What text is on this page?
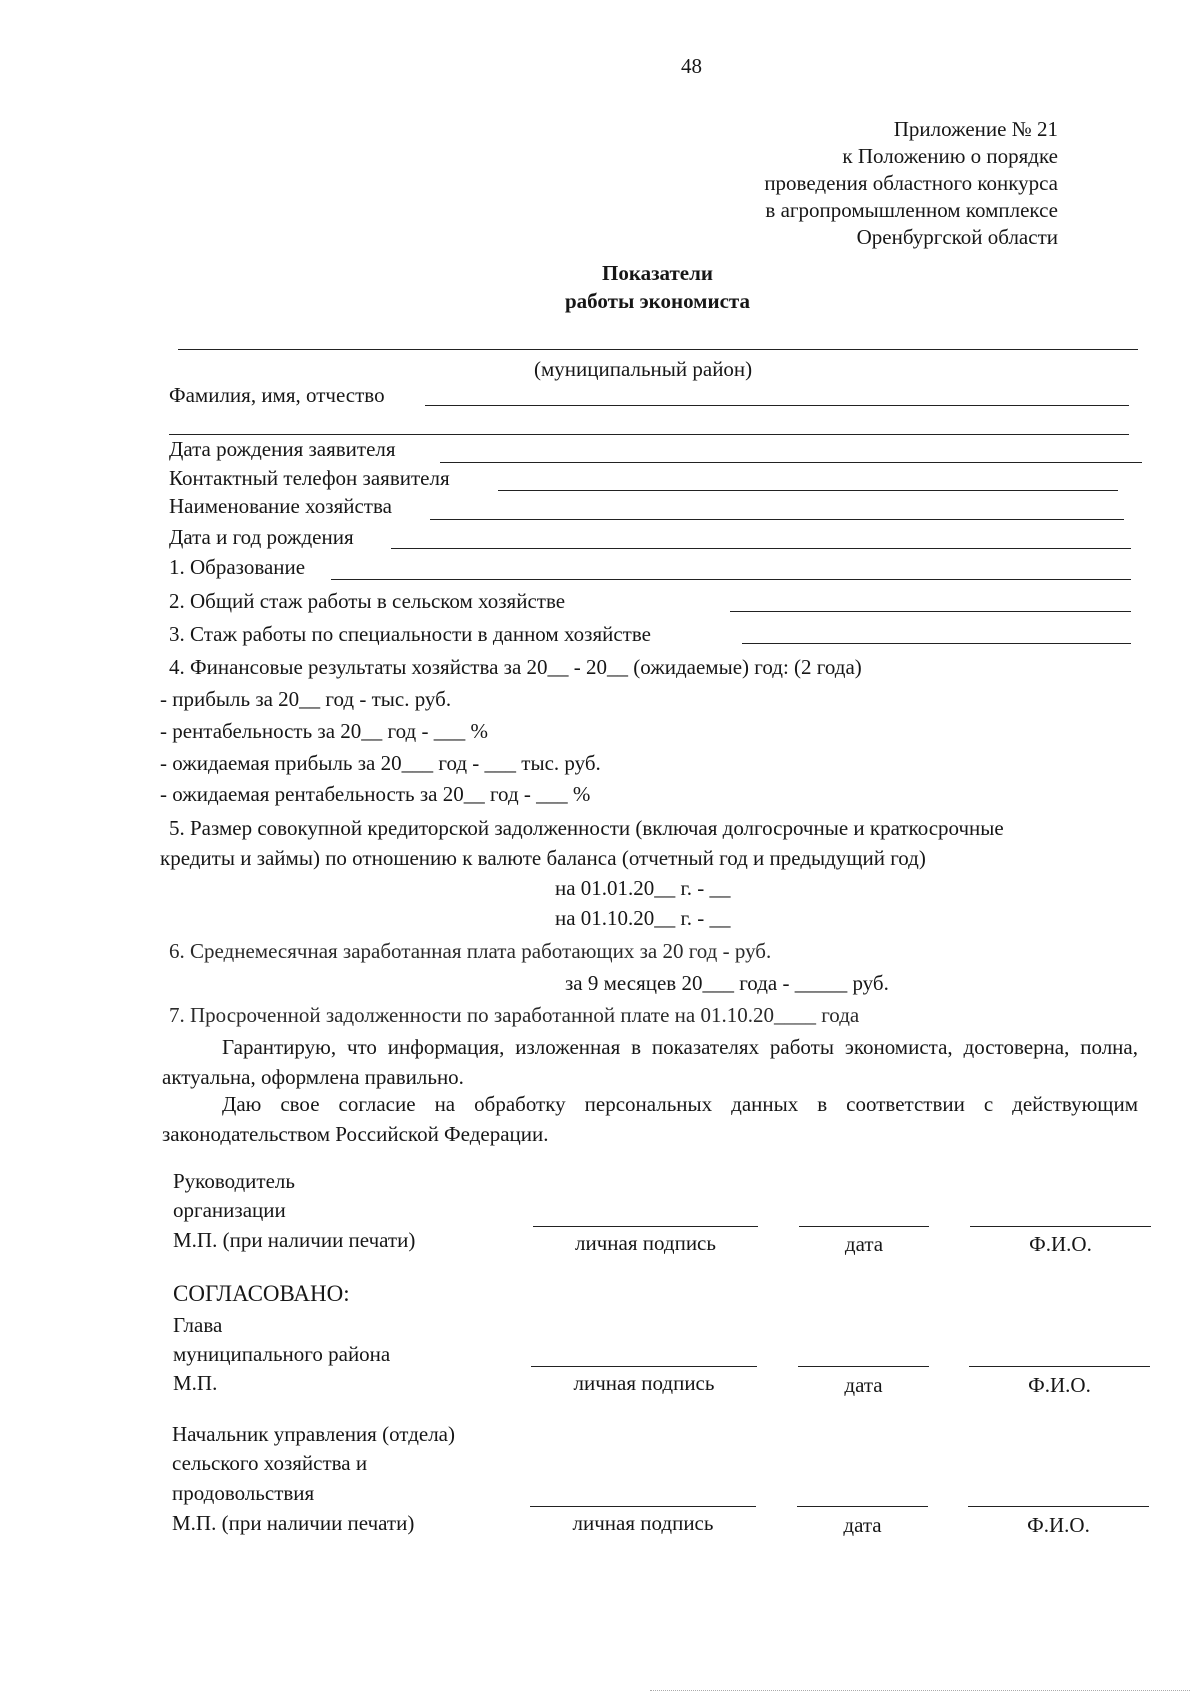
48
Приложение № 21
к Положению о порядке
проведения областного конкурса
в агропромышленном комплексе
Оренбургской области
Показатели
работы экономиста
(муниципальный район)
Фамилия, имя, отчество
Дата рождения заявителя
Контактный телефон заявителя
Наименование хозяйства
Дата и год рождения
1. Образование
2. Общий стаж работы в сельском хозяйстве
3. Стаж работы по специальности в данном хозяйстве
4. Финансовые результаты хозяйства за 20__ - 20__ (ожидаемые) год: (2 года)
- прибыль за 20__ год - тыс. руб.
- рентабельность за 20__ год - ___ %
- ожидаемая прибыль за 20___ год - ___ тыс. руб.
- ожидаемая рентабельность за 20__ год - ___ %
5. Размер совокупной кредиторской задолженности (включая долгосрочные и краткосрочные
кредиты и займы) по отношению к валюте баланса (отчетный год и предыдущий год)
на 01.01.20__ г. - __
на 01.10.20__ г. - __
6. Среднемесячная заработанная плата работающих за 20 год - руб.
за 9 месяцев 20___ года - _____ руб.
7. Просроченной задолженности по заработанной плате на 01.10.20____ года
Гарантирую, что информация, изложенная в показателях работы экономиста, достоверна, полна, актуальна, оформлена правильно.
Даю свое согласие на обработку персональных данных в соответствии с действующим законодательством Российской Федерации.
Руководитель
организации
М.П. (при наличии печати)	личная подпись	дата	Ф.И.О.
СОГЛАСОВАНО:
Глава
муниципального района
М.П.	личная подпись	дата	Ф.И.О.
Начальник управления (отдела)
сельского хозяйства и
продовольствия
М.П. (при наличии печати)	личная подпись	дата	Ф.И.О.
